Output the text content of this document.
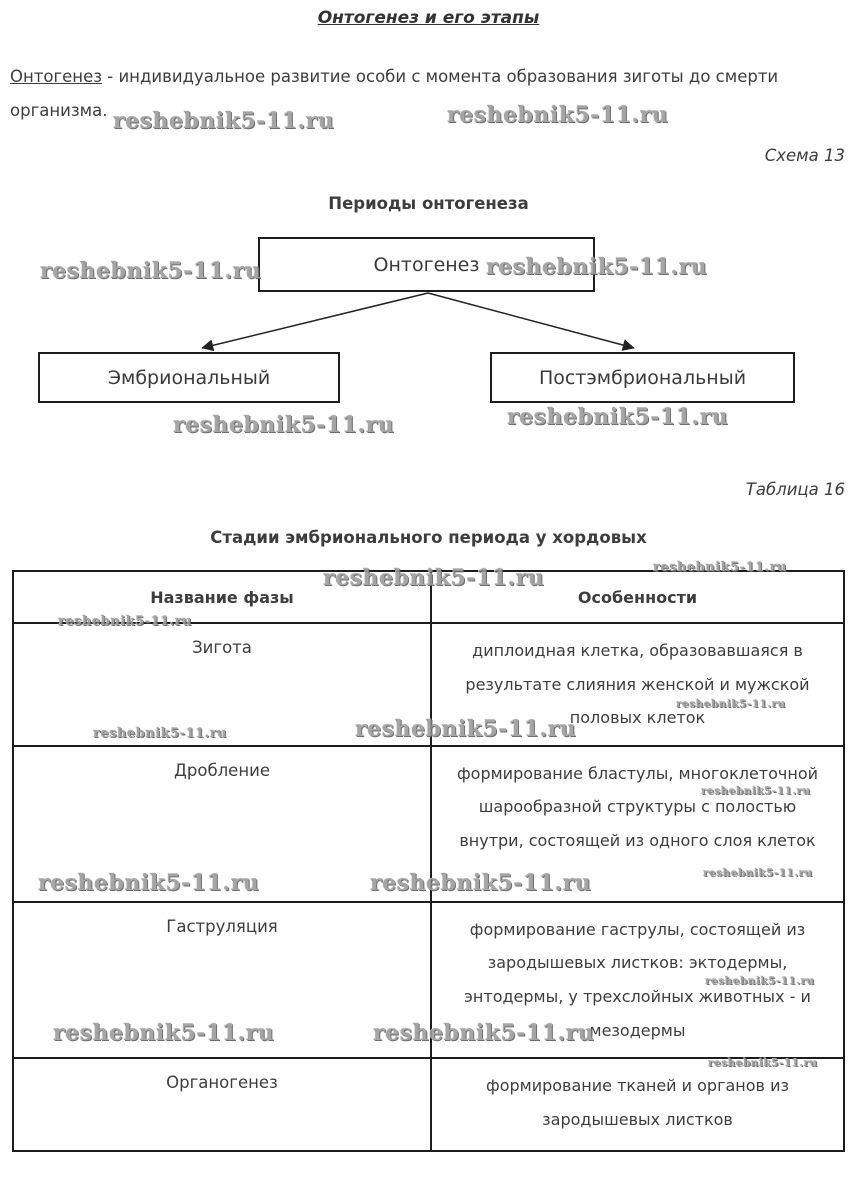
Онтогенез и его этапы

Онтогенез - индивидуальное развитие особи с момента образования зиготы до смерти организма.

Схема 13
Периоды онтогенеза
Онтогенез
Эмбриональный	Постэмбриональный
Таблица 16
Стадии эмбрионального периода у хордовых
Название фазы	Особенности
Зигота	диплоидная клетка, образовавшаяся в результате слияния женской и мужской половых клеток
Дробление	формирование бластулы, многоклеточной шарообразной структуры с полостью внутри, состоящей из одного слоя клеток
Гаструляция	формирование гаструлы, состоящей из зародышевых листков: эктодермы, энтодермы, у трехслойных животных - и мезодермы
Органогенез	формирование тканей и органов из зародышевых листков
reshebnik5-11.ru	reshebnik5-11.ru
reshebnik5-11.ru	reshebnik5-11.ru
reshebnik5-11.ru	reshebnik5-11.ru
reshebnik5-11.ru
reshebnik5-11.ru
reshebnik5-11.ru	reshebnik5-11.ru
reshebnik5-11.ru	reshebnik5-11.ru
reshebnik5-11.ru
reshebnik5-11.ru
reshebnik5-11.ru
reshebnik5-11.ru
reshebnik5-11.ru
reshebnik5-11.ru
reshebnik5-11.ru
reshebnik5-11.ru
